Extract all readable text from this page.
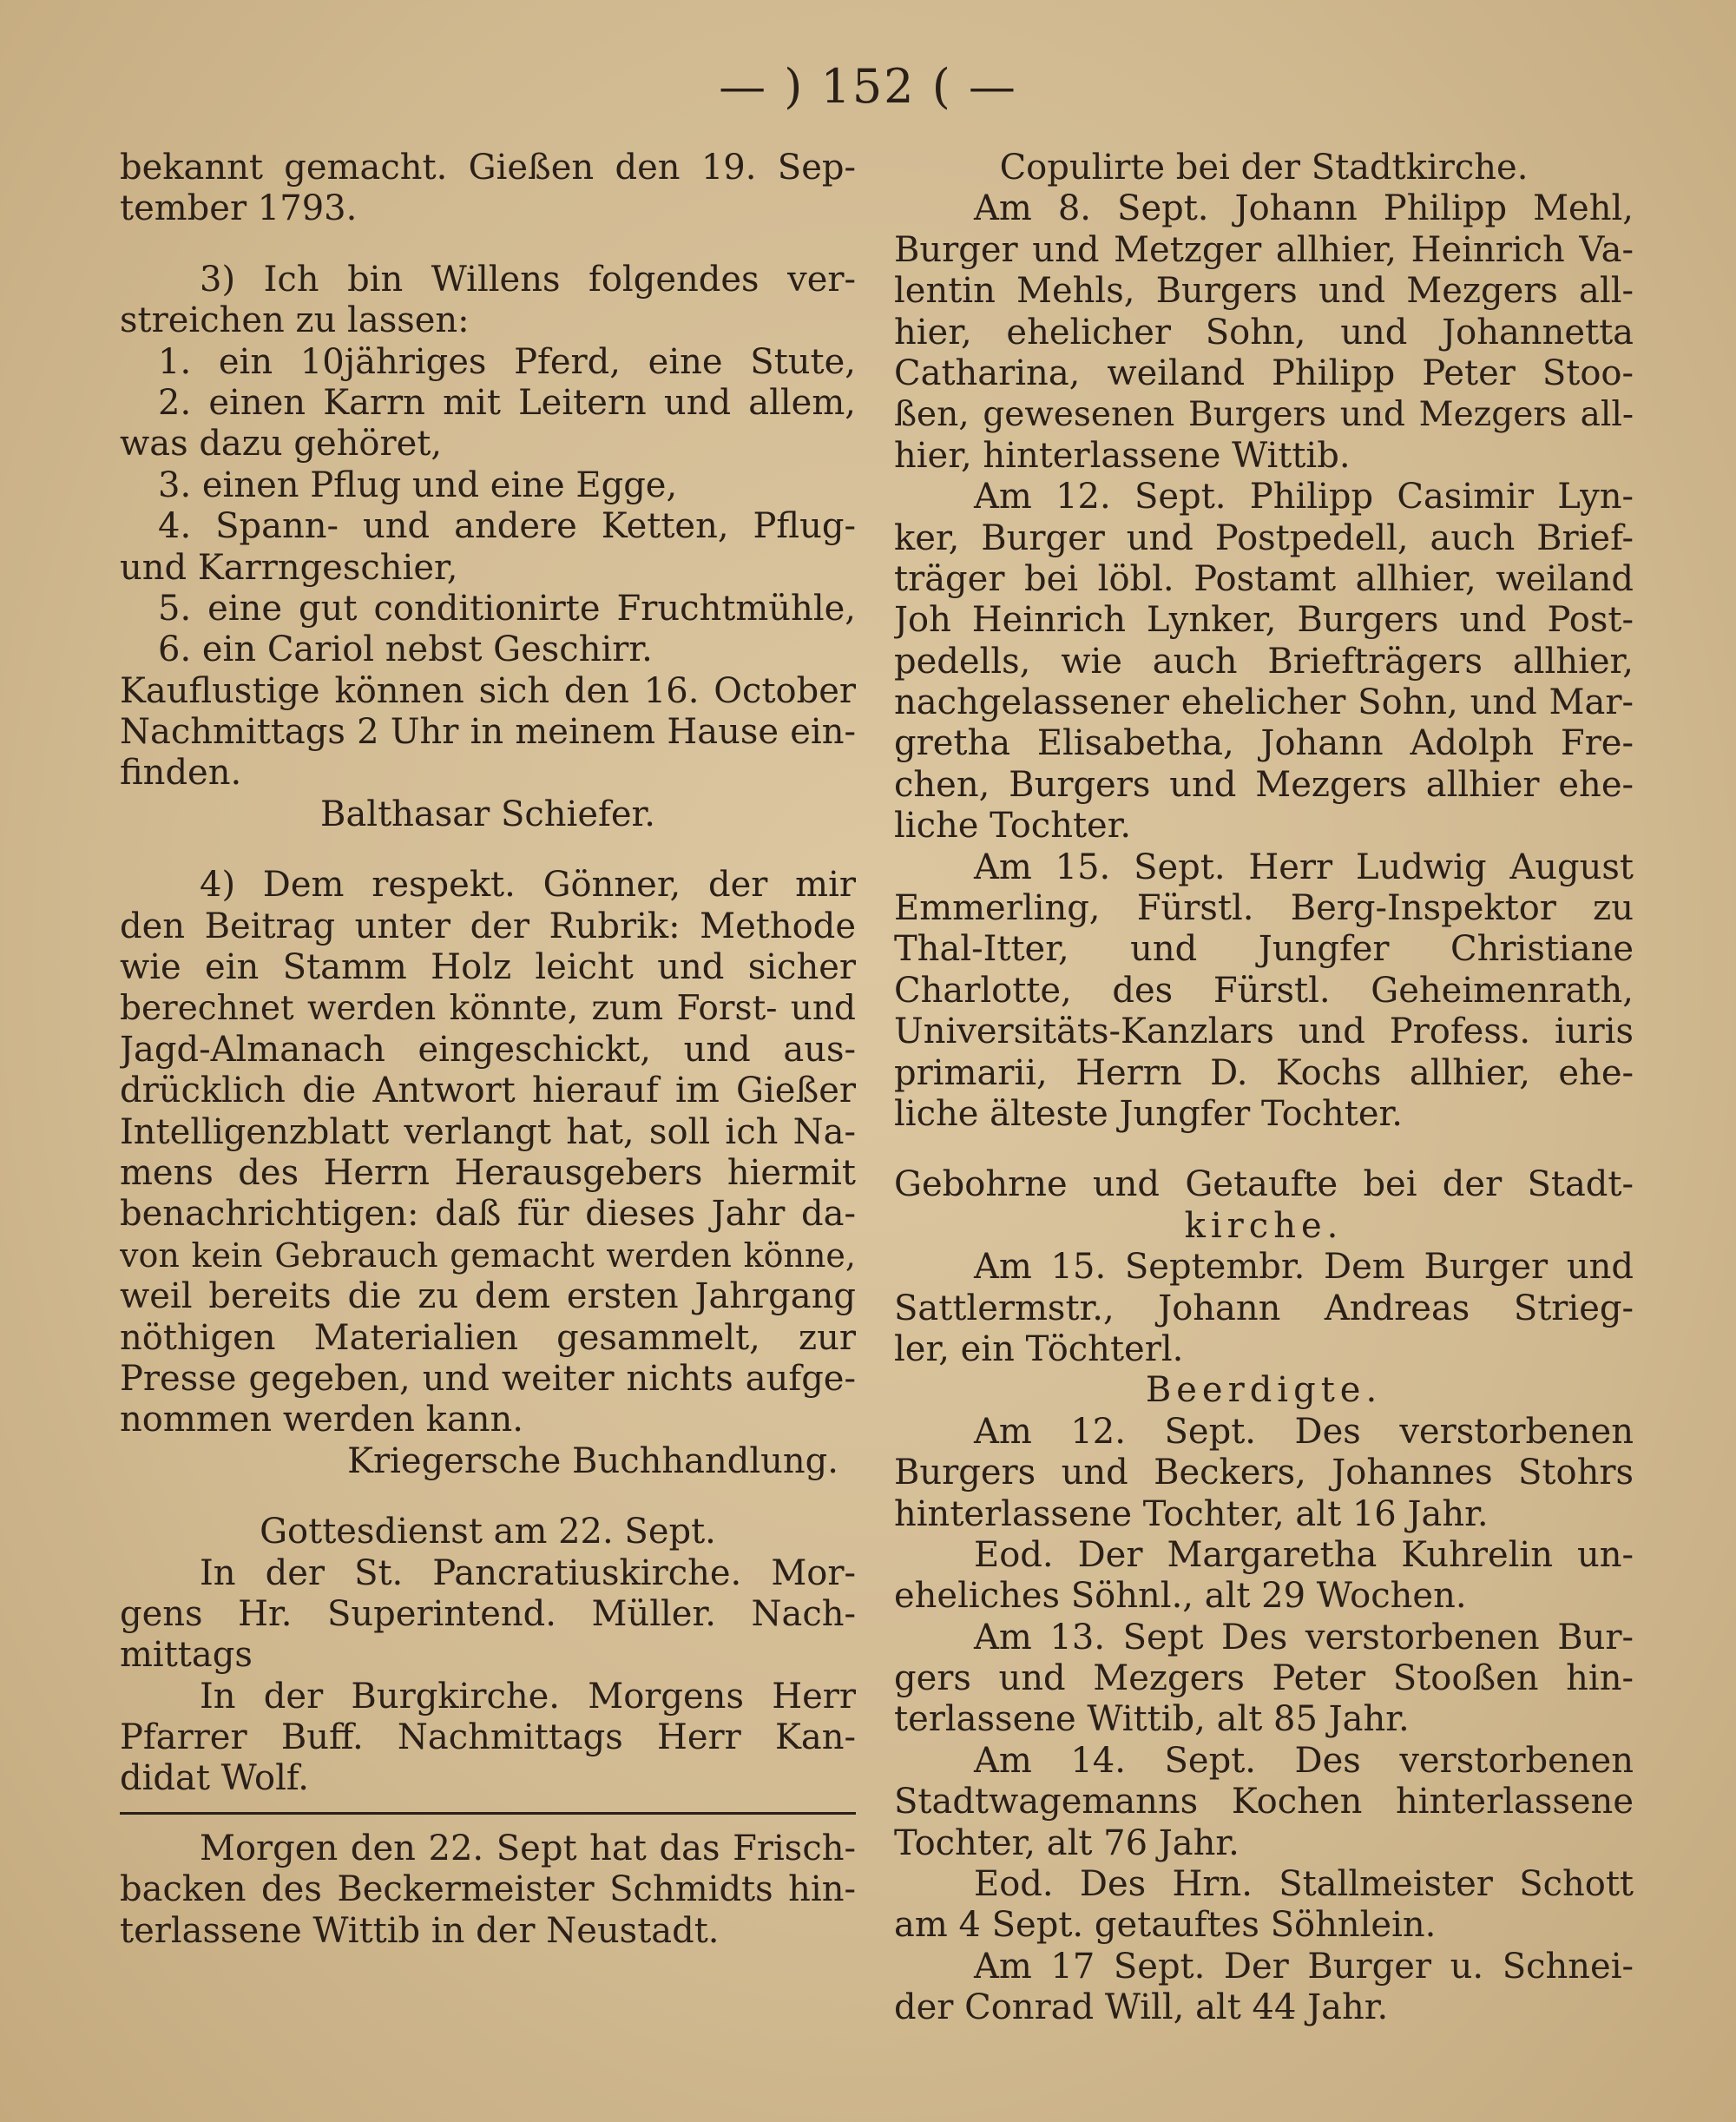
— ) 152 ( —
bekannt gemacht. Gießen den 19. Sep-
tember 1793.
3) Ich bin Willens folgendes ver-
streichen zu lassen:
1. ein 10jähriges Pferd, eine Stute,
2. einen Karrn mit Leitern und allem,
was dazu gehöret,
3. einen Pflug und eine Egge,
4. Spann- und andere Ketten, Pflug-
und Karrngeschier,
5. eine gut conditionirte Fruchtmühle,
6. ein Cariol nebst Geschirr.
Kauflustige können sich den 16. October
Nachmittags 2 Uhr in meinem Hause ein-
finden.
Balthasar Schiefer.
4) Dem respekt. Gönner, der mir
den Beitrag unter der Rubrik: Methode
wie ein Stamm Holz leicht und sicher
berechnet werden könnte, zum Forst- und
Jagd-Almanach eingeschickt, und aus-
drücklich die Antwort hierauf im Gießer
Intelligenzblatt verlangt hat, soll ich Na-
mens des Herrn Herausgebers hiermit
benachrichtigen: daß für dieses Jahr da-
von kein Gebrauch gemacht werden könne,
weil bereits die zu dem ersten Jahrgang
nöthigen Materialien gesammelt, zur
Presse gegeben, und weiter nichts aufge-
nommen werden kann.
Kriegersche Buchhandlung.
Gottesdienst am 22. Sept.
In der St. Pancratiuskirche. Mor-
gens Hr. Superintend. Müller. Nach-
mittags
In der Burgkirche. Morgens Herr
Pfarrer Buff. Nachmittags Herr Kan-
didat Wolf.
Morgen den 22. Sept hat das Frisch-
backen des Beckermeister Schmidts hin-
terlassene Wittib in der Neustadt.
Copulirte bei der Stadtkirche.
Am 8. Sept. Johann Philipp Mehl,
Burger und Metzger allhier, Heinrich Va-
lentin Mehls, Burgers und Mezgers all-
hier, ehelicher Sohn, und Johannetta
Catharina, weiland Philipp Peter Stoo-
ßen, gewesenen Burgers und Mezgers all-
hier, hinterlassene Wittib.
Am 12. Sept. Philipp Casimir Lyn-
ker, Burger und Postpedell, auch Brief-
träger bei löbl. Postamt allhier, weiland
Joh Heinrich Lynker, Burgers und Post-
pedells, wie auch Briefträgers allhier,
nachgelassener ehelicher Sohn, und Mar-
gretha Elisabetha, Johann Adolph Fre-
chen, Burgers und Mezgers allhier ehe-
liche Tochter.
Am 15. Sept. Herr Ludwig August
Emmerling, Fürstl. Berg-Inspektor zu
Thal-Itter, und Jungfer Christiane
Charlotte, des Fürstl. Geheimenrath,
Universitäts-Kanzlars und Profess. iuris
primarii, Herrn D. Kochs allhier, ehe-
liche älteste Jungfer Tochter.
Gebohrne und Getaufte bei der Stadt-
kirche.
Am 15. Septembr. Dem Burger und
Sattlermstr., Johann Andreas Strieg-
ler, ein Töchterl.
Beerdigte.
Am 12. Sept. Des verstorbenen
Burgers und Beckers, Johannes Stohrs
hinterlassene Tochter, alt 16 Jahr.
Eod. Der Margaretha Kuhrelin un-
eheliches Söhnl., alt 29 Wochen.
Am 13. Sept Des verstorbenen Bur-
gers und Mezgers Peter Stooßen hin-
terlassene Wittib, alt 85 Jahr.
Am 14. Sept. Des verstorbenen
Stadtwagemanns Kochen hinterlassene
Tochter, alt 76 Jahr.
Eod. Des Hrn. Stallmeister Schott
am 4 Sept. getauftes Söhnlein.
Am 17 Sept. Der Burger u. Schnei-
der Conrad Will, alt 44 Jahr.
